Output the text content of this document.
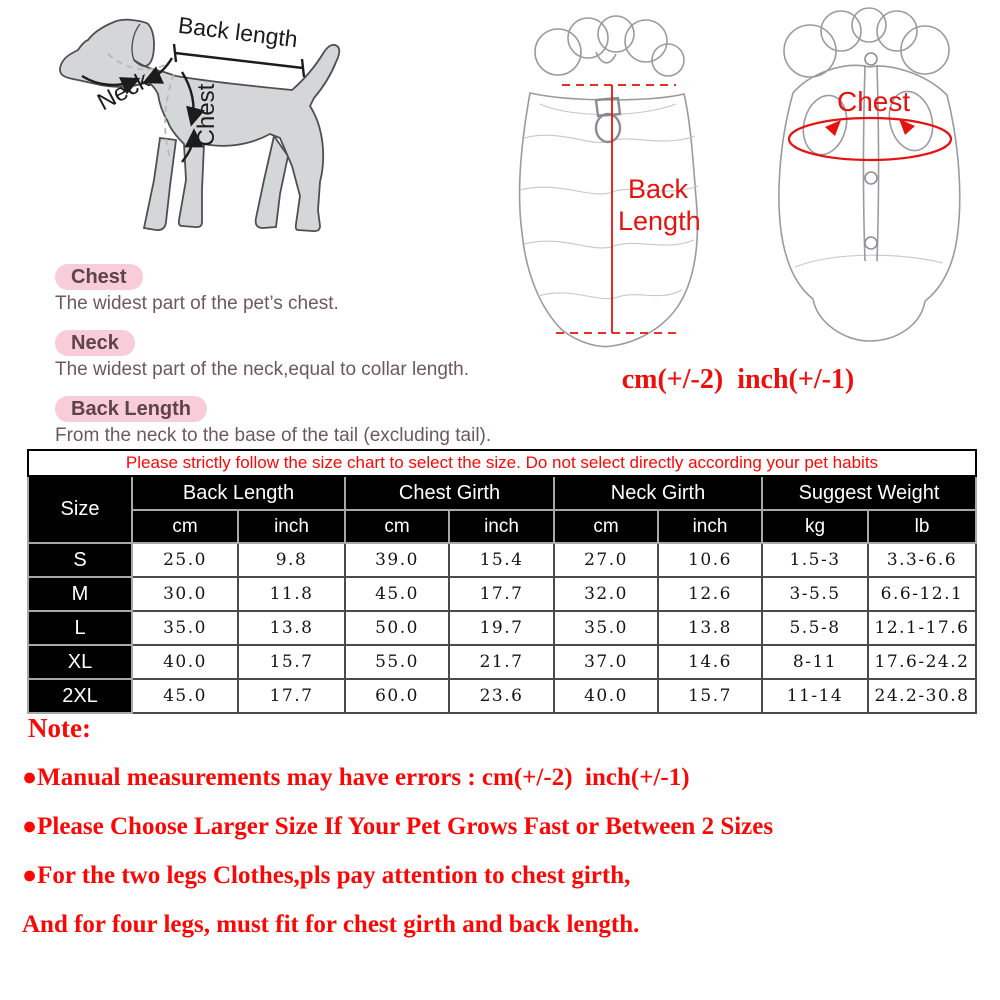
Back length
Neck Chest
Back
Length
Chest
Chest

The widest part of the pet’s chest.

Neck

The widest part of the neck,equal to collar length.

Back Length

From the neck to the base of the tail (excluding tail).

cm(+/-2)  inch(+/-1)
Please strictly follow the size chart to select the size. Do not select directly according your pet habits								
Size	Back Length		Chest Girth		Neck Girth		Suggest Weight	
	cm	inch	cm	inch	cm	inch	kg	lb
S	25.0	9.8	39.0	15.4	27.0	10.6	1.5-3	3.3-6.6
M	30.0	11.8	45.0	17.7	32.0	12.6	3-5.5	6.6-12.1
L	35.0	13.8	50.0	19.7	35.0	13.8	5.5-8	12.1-17.6
XL	40.0	15.7	55.0	21.7	37.0	14.6	8-11	17.6-24.2
2XL	45.0	17.7	60.0	23.6	40.0	15.7	11-14	24.2-30.8

Note:

●Manual measurements may have errors : cm(+/-2)  inch(+/-1)

●Please Choose Larger Size If Your Pet Grows Fast or Between 2 Sizes

●For the two legs Clothes,pls pay attention to chest girth,

And for four legs, must fit for chest girth and back length.
